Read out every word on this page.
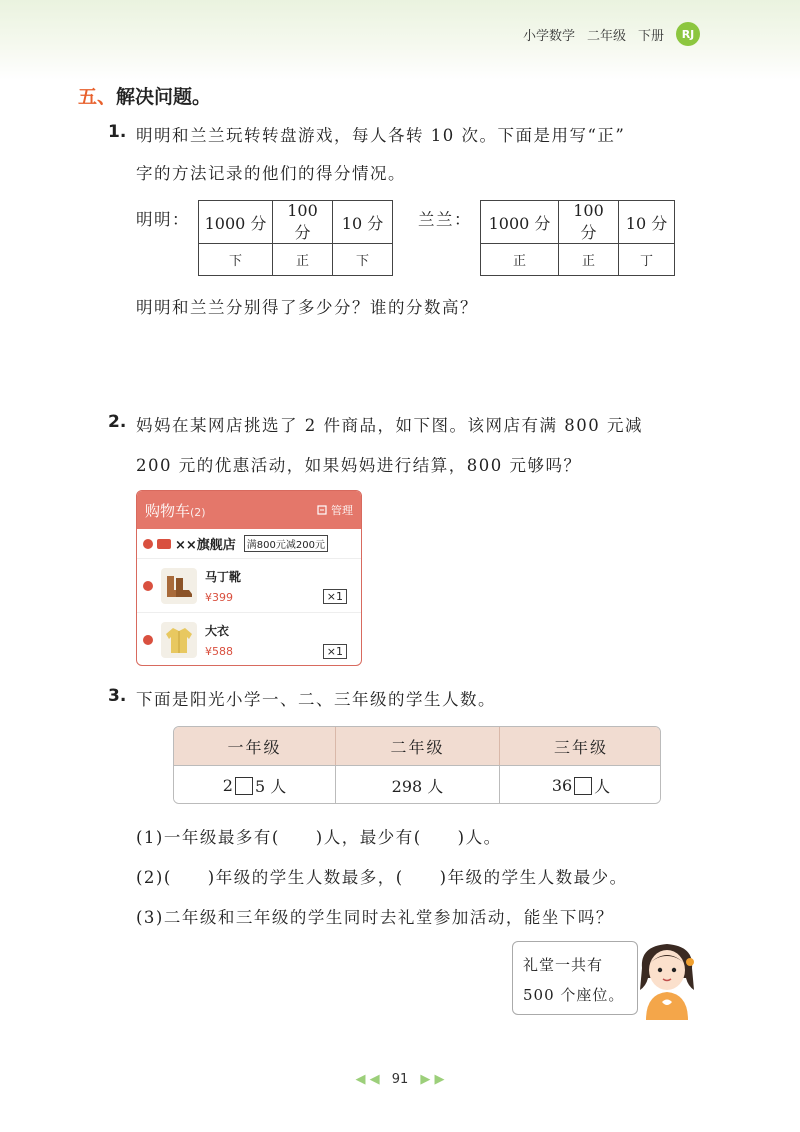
小学数学 二年级 下册	RJ
五、解决问题。
1. 明明和兰兰玩转转盘游戏，每人各转 10 次。下面是用写“正”
字的方法记录的他们的得分情况。
明明： 1000 分	100 分	10 分
下	正	下
兰兰： 1000 分	100 分	10 分
正	正	丁
明明和兰兰分别得了多少分？谁的分数高？
2. 妈妈在某网店挑选了 2 件商品，如下图。该网店有满 800 元减
200 元的优惠活动，如果妈妈进行结算，800 元够吗？
购物车(2)	管理
××旗舰店	满800元减200元
马丁靴
¥399	×1
大衣
¥588	×1
3. 下面是阳光小学一、二、三年级的学生人数。
一年级	二年级	三年级
2 5 人	298 人	36 人
(1)一年级最多有(　　)人，最少有(　　)人。
(2)(　　)年级的学生人数最多，(　　)年级的学生人数最少。
(3)二年级和三年级的学生同时去礼堂参加活动，能坐下吗？
礼堂一共有
500 个座位。
◀ ◀ 91 ▶ ▶
